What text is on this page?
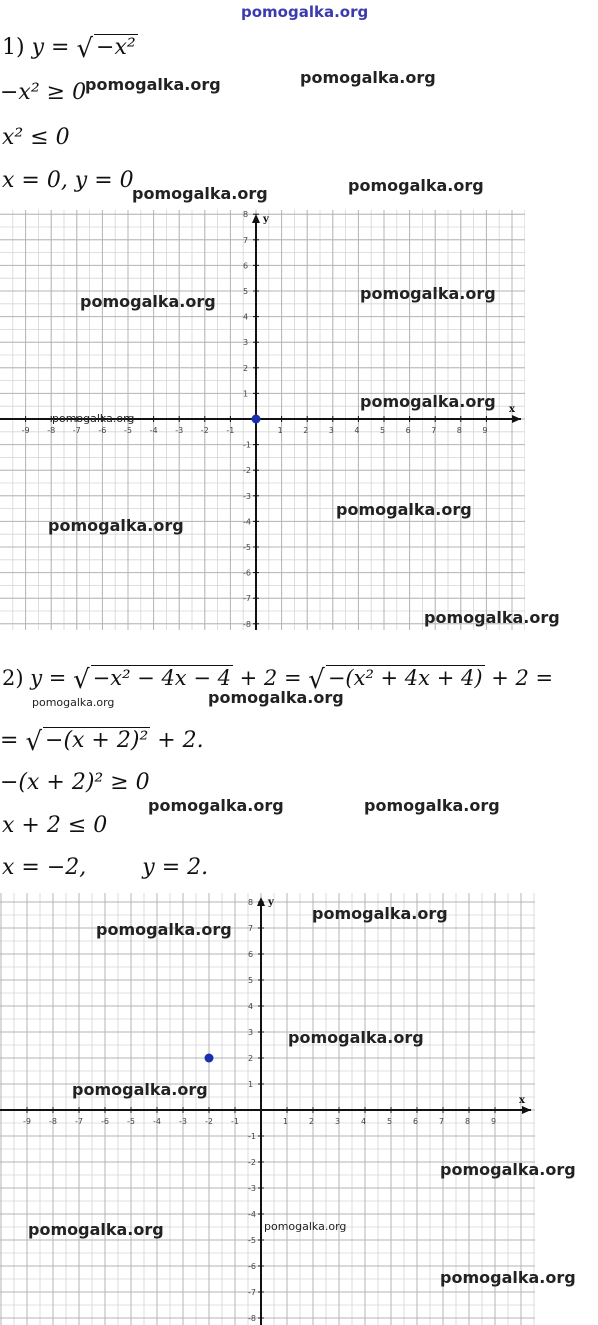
pomogalka.org
1) y = √ −x²
−x² ≥ 0
x² ≤ 0
x = 0, y = 0
x
y
-9 -8
-8
-7
-7
-6
-6
-5
-5
-4
-4
-3
-3
-2
-2
-1
-1
1
1
2
2
3
3
4
4
5
5
6
6
7
7
8
8
9
2) y = √ −x² − 4x − 4 + 2 = √ −(x² + 4x + 4) + 2 =
= √ −(x + 2)² + 2.
−(x + 2)² ≥ 0
x + 2 ≤ 0
x = −2,	y = 2.
x
y
-9 -8
-8
-7
-7
-6
-6
-5
-5
-4
-4
-3
-3
-2
-2
-1
-1
1
1
2
2
3
3
4
4
5
5
6
6
7
7
8
8
9
pomogalka.org	pomogalka.org
pomogalka.org	pomogalka.org
pomogalka.org	pomogalka.org
pomogalka.org
pomogalka.org
pomogalka.org
pomogalka.org
pomogalka.org
pomogalka.org	pomogalka.org
pomogalka.org	pomogalka.org
pomogalka.org
pomogalka.org
pomogalka.org
pomogalka.org
pomogalka.org
pomogalka.org	pomogalka.org
pomogalka.org
